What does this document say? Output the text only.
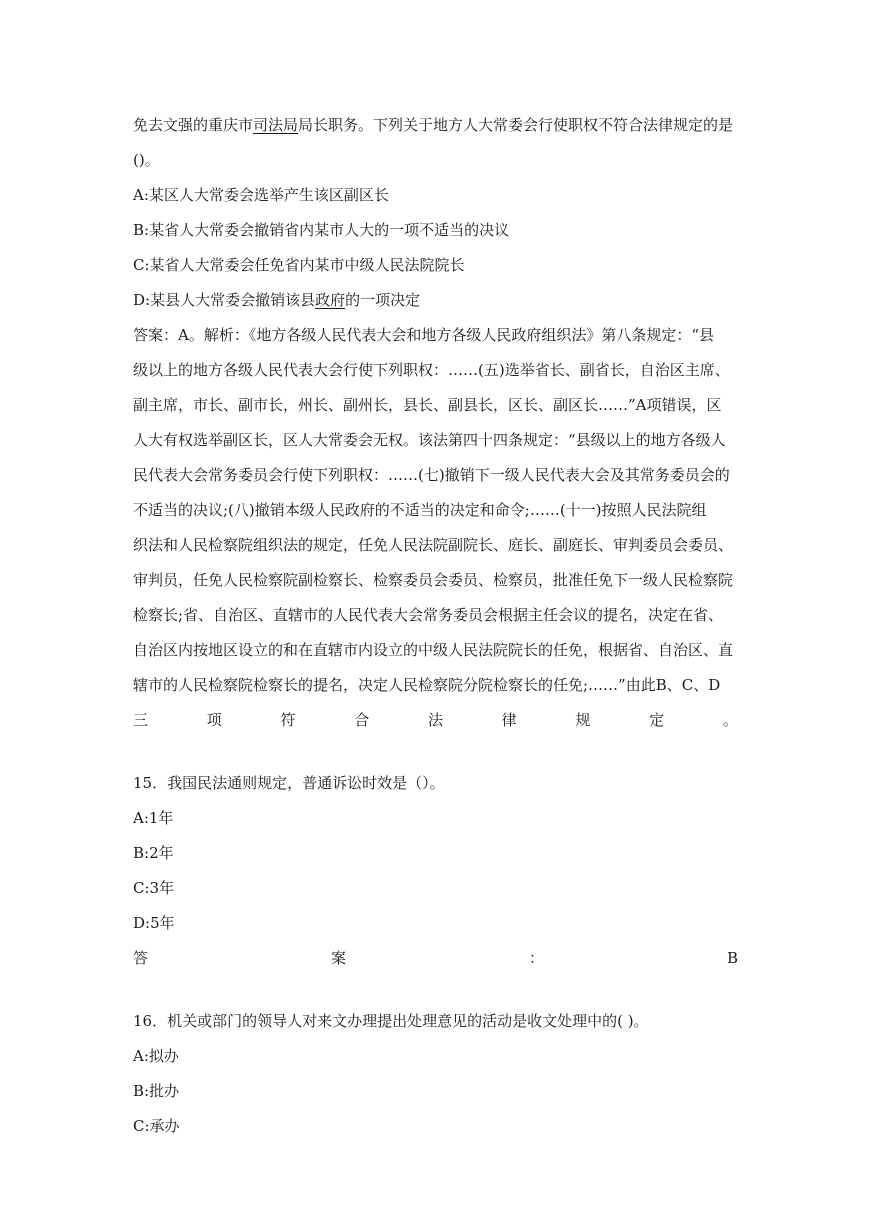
免去文强的重庆市司法局局长职务。下列关于地方人大常委会行使职权不符合法律规定的是
()。
A:某区人大常委会选举产生该区副区长
B:某省人大常委会撤销省内某市人大的一项不适当的决议
C:某省人大常委会任免省内某市中级人民法院院长
D:某县人大常委会撤销该县政府的一项决定
答案：A。解析：《地方各级人民代表大会和地方各级人民政府组织法》第八条规定：“县
级以上的地方各级人民代表大会行使下列职权：……(五)选举省长、副省长，自治区主席、
副主席，市长、副市长，州长、副州长，县长、副县长，区长、副区长……”A项错误，区
人大有权选举副区长，区人大常委会无权。该法第四十四条规定：“县级以上的地方各级人
民代表大会常务委员会行使下列职权：……(七)撤销下一级人民代表大会及其常务委员会的
不适当的决议;(八)撤销本级人民政府的不适当的决定和命令;……(十一)按照人民法院组
织法和人民检察院组织法的规定，任免人民法院副院长、庭长、副庭长、审判委员会委员、
审判员，任免人民检察院副检察长、检察委员会委员、检察员，批准任免下一级人民检察院
检察长;省、自治区、直辖市的人民代表大会常务委员会根据主任会议的提名，决定在省、
自治区内按地区设立的和在直辖市内设立的中级人民法院院长的任免，根据省、自治区、直
辖市的人民检察院检察长的提名，决定人民检察院分院检察长的任免;……”由此B、C、D
三	项	符	合	法	律	规	定	。
15．我国民法通则规定，普通诉讼时效是（）。
A:1年
B:2年
C:3年
D:5年
答	案	：	B
16．机关或部门的领导人对来文办理提出处理意见的活动是收文处理中的( )。
A:拟办
B:批办
C:承办
